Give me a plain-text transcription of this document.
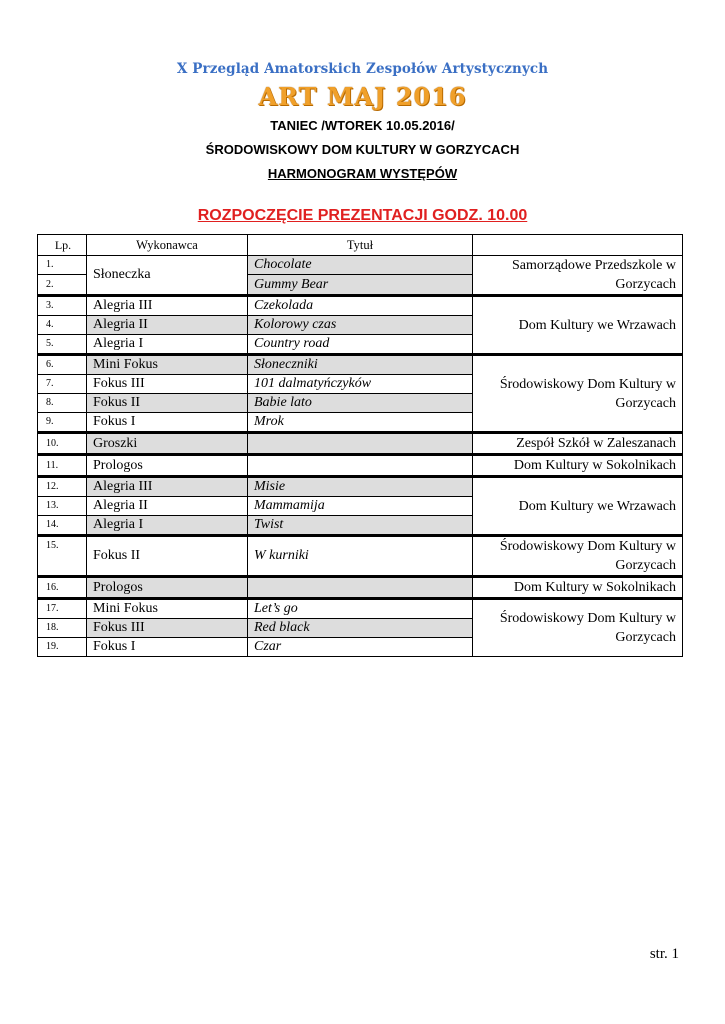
X Przegląd Amatorskich Zespołów Artystycznych
ART MAJ 2016
TANIEC /WTOREK 10.05.2016/
ŚRODOWISKOWY DOM KULTURY W GORZYCACH
HARMONOGRAM WYSTĘPÓW
ROZPOCZĘCIE PREZENTACJI GODZ. 10.00
Lp.	Wykonawca	Tytuł	
1.	Słoneczka	Chocolate	Samorządowe Przedszkole w Gorzycach
2.		Gummy Bear	
3.	Alegria III	Czekolada	Dom Kultury we Wrzawach
4.	Alegria II	Kolorowy czas	
5.	Alegria I	Country road	
6.	Mini Fokus	Słoneczniki	Środowiskowy Dom Kultury w Gorzycach
7.	Fokus III	101 dalmatyńczyków	
8.	Fokus II	Babie lato	
9.	Fokus I	Mrok	
10.	Groszki		Zespół Szkół w Zaleszanach
11.	Prologos		Dom Kultury w Sokolnikach
12.	Alegria III	Misie	Dom Kultury we Wrzawach
13.	Alegria II	Mammamija	
14.	Alegria I	Twist	
15.	Fokus II	W kurniki	Środowiskowy Dom Kultury w Gorzycach
16.	Prologos		Dom Kultury w Sokolnikach
17.	Mini Fokus	Let’s go	Środowiskowy Dom Kultury w Gorzycach
18.	Fokus III	Red black	
19.	Fokus I	Czar	
str. 1
